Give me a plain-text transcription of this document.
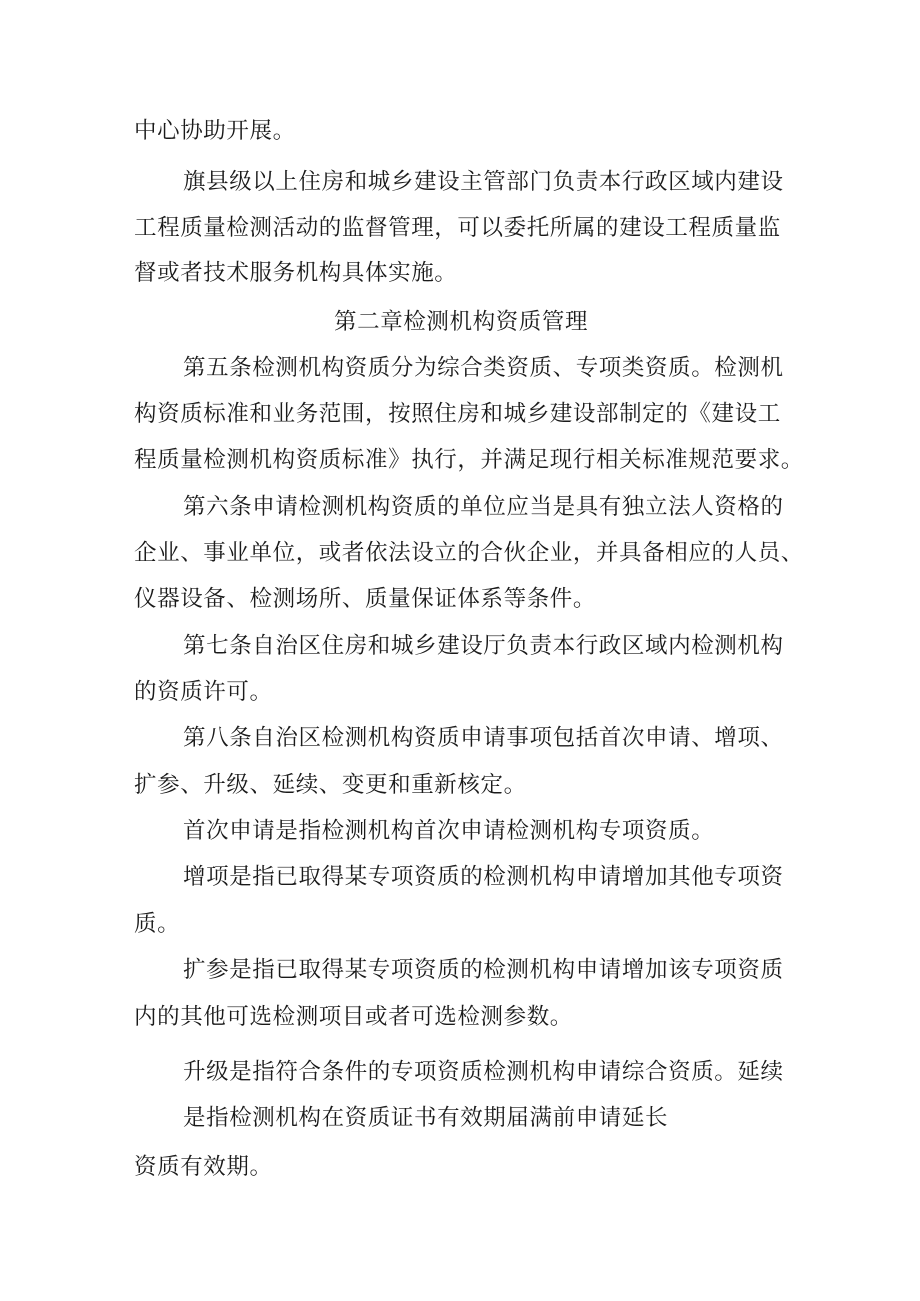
中心协助开展。
旗县级以上住房和城乡建设主管部门负责本行政区域内建设
工程质量检测活动的监督管理，可以委托所属的建设工程质量监
督或者技术服务机构具体实施。
第二章检测机构资质管理
第五条检测机构资质分为综合类资质、专项类资质。检测机
构资质标准和业务范围，按照住房和城乡建设部制定的《建设工
程质量检测机构资质标准》执行，并满足现行相关标准规范要求。
第六条申请检测机构资质的单位应当是具有独立法人资格的
企业、事业单位，或者依法设立的合伙企业，并具备相应的人员、
仪器设备、检测场所、质量保证体系等条件。
第七条自治区住房和城乡建设厅负责本行政区域内检测机构
的资质许可。
第八条自治区检测机构资质申请事项包括首次申请、增项、
扩参、升级、延续、变更和重新核定。
首次申请是指检测机构首次申请检测机构专项资质。
增项是指已取得某专项资质的检测机构申请增加其他专项资
质。
扩参是指已取得某专项资质的检测机构申请增加该专项资质
内的其他可选检测项目或者可选检测参数。
升级是指符合条件的专项资质检测机构申请综合资质。延续
是指检测机构在资质证书有效期届满前申请延长
资质有效期。
